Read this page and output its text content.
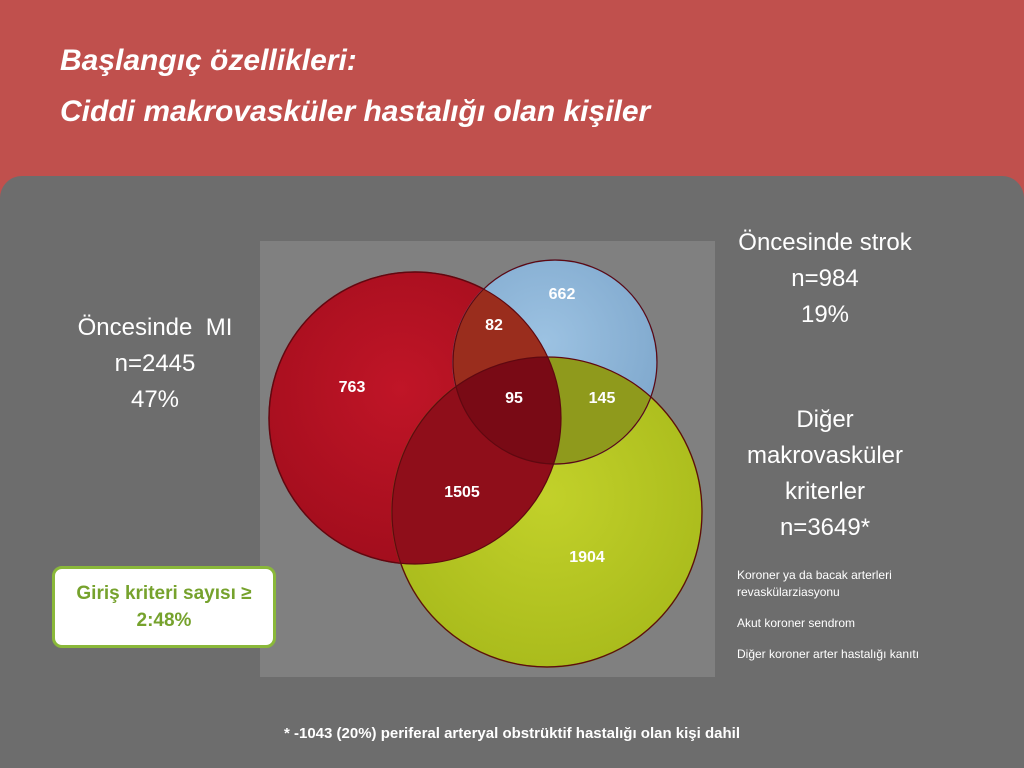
Başlangıç özellikleri:
Ciddi makrovasküler hastalığı olan kişiler
763
662
82
95	145
1505
1904
Öncesinde  MI
n=2445
47%
Öncesinde strok
n=984
19%
Diğer
makrovasküler
kriterler
n=3649*
Koroner ya da bacak arterleri revaskülarziasyonu
Akut koroner sendrom
Diğer koroner arter hastalığı kanıtı
Giriş kriteri sayısı ≥
2:48%
* -1043 (20%) periferal arteryal obstrüktif hastalığı olan kişi dahil
